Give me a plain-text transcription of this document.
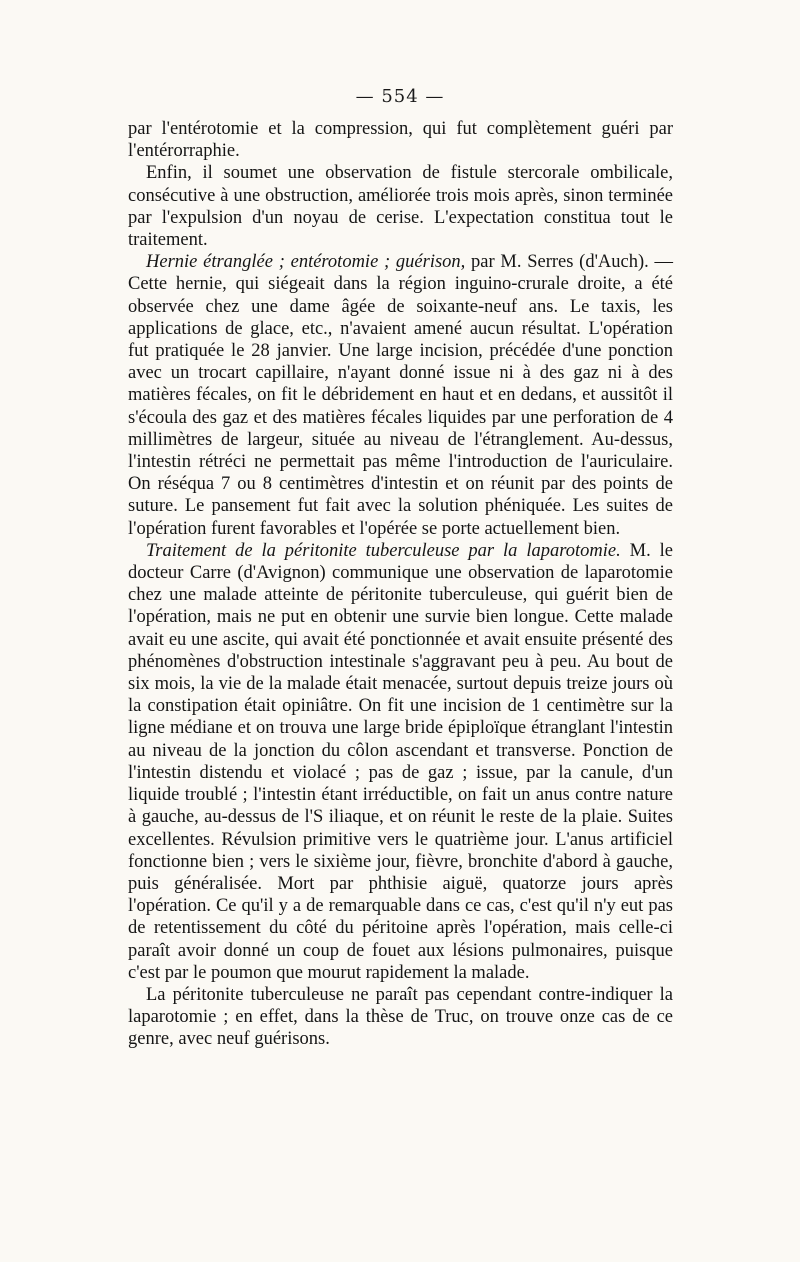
— 554 —

par l'entérotomie et la compression, qui fut complètement guéri par l'entérorraphie.

Enfin, il soumet une observation de fistule stercorale ombilicale, consécutive à une obstruction, améliorée trois mois après, sinon terminée par l'expulsion d'un noyau de cerise. L'expectation constitua tout le traitement.

Hernie étranglée ; entérotomie ; guérison, par M. Serres (d'Auch). — Cette hernie, qui siégeait dans la région inguino-crurale droite, a été observée chez une dame âgée de soixante-neuf ans. Le taxis, les applications de glace, etc., n'avaient amené aucun résultat. L'opération fut pratiquée le 28 janvier. Une large incision, précédée d'une ponction avec un trocart capillaire, n'ayant donné issue ni à des gaz ni à des matières fécales, on fit le débridement en haut et en dedans, et aussitôt il s'écoula des gaz et des matières fécales liquides par une perforation de 4 millimètres de largeur, située au niveau de l'étranglement. Au-dessus, l'intestin rétréci ne permettait pas même l'introduction de l'auriculaire. On réséqua 7 ou 8 centimètres d'intestin et on réunit par des points de suture. Le pansement fut fait avec la solution phéniquée. Les suites de l'opération furent favorables et l'opérée se porte actuellement bien.

Traitement de la péritonite tuberculeuse par la laparotomie. M. le docteur Carre (d'Avignon) communique une observation de laparotomie chez une malade atteinte de péritonite tuberculeuse, qui guérit bien de l'opération, mais ne put en obtenir une survie bien longue. Cette malade avait eu une ascite, qui avait été ponctionnée et avait ensuite présenté des phénomènes d'obstruction intestinale s'aggravant peu à peu. Au bout de six mois, la vie de la malade était menacée, surtout depuis treize jours où la constipation était opiniâtre. On fit une incision de 1 centimètre sur la ligne médiane et on trouva une large bride épiploïque étranglant l'intestin au niveau de la jonction du côlon ascendant et transverse. Ponction de l'intestin distendu et violacé ; pas de gaz ; issue, par la canule, d'un liquide troublé ; l'intestin étant irréductible, on fait un anus contre nature à gauche, au-dessus de l'S iliaque, et on réunit le reste de la plaie. Suites excellentes. Révulsion primitive vers le quatrième jour. L'anus artificiel fonctionne bien ; vers le sixième jour, fièvre, bronchite d'abord à gauche, puis généralisée. Mort par phthisie aiguë, quatorze jours après l'opération. Ce qu'il y a de remarquable dans ce cas, c'est qu'il n'y eut pas de retentissement du côté du péritoine après l'opération, mais celle-ci paraît avoir donné un coup de fouet aux lésions pulmonaires, puisque c'est par le poumon que mourut rapidement la malade.

La péritonite tuberculeuse ne paraît pas cependant contre-indiquer la laparotomie ; en effet, dans la thèse de Truc, on trouve onze cas de ce genre, avec neuf guérisons.
